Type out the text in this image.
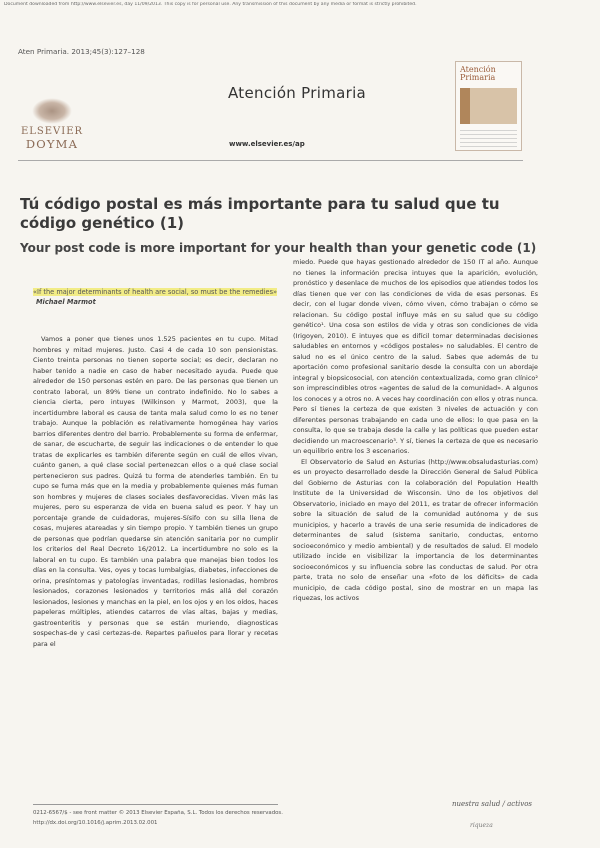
Document downloaded from http://www.elsevier.es, day 11/09/2013. This copy is for personal use. Any transmission of this document by any media or format is strictly prohibited.
Aten Primaria. 2013;45(3):127–128
ELSEVIER
DOYMA
Atención Primaria
www.elsevier.es/ap
Atención Primaria
Tú código postal es más importante para tu salud que tu código genético (1)
Your post code is more important for your health than your genetic code (1)
«If the major determinants of health are social, so must be the remedies»
Michael Marmot

Vamos a poner que tienes unos 1.525 pacientes en tu cupo. Mitad hombres y mitad mujeres. Justo. Casi 4 de cada 10 son pensionistas. Ciento treinta personas no tienen soporte social; es decir, declaran no haber tenido a nadie en caso de haber necesitado ayuda. Puede que alrededor de 150 personas estén en paro. De las personas que tienen un contrato laboral, un 89% tiene un contrato indefinido. No lo sabes a ciencia cierta, pero intuyes (Wilkinson y Marmot, 2003), que la incertidumbre laboral es causa de tanta mala salud como lo es no tener trabajo. Aunque la población es relativamente homogénea hay varios barrios diferentes dentro del barrio. Probablemente su forma de enfermar, de sanar, de escucharte, de seguir las indicaciones o de entender lo que tratas de explicarles es también diferente según en cuál de ellos vivan, cuánto ganen, a qué clase social pertenezcan ellos o a qué clase social pertenecieron sus padres. Quizá tu forma de atenderles también. En tu cupo se fuma más que en la media y probablemente quienes más fuman son hombres y mujeres de clases sociales desfavorecidas. Viven más las mujeres, pero su esperanza de vida en buena salud es peor. Y hay un porcentaje grande de cuidadoras, mujeres-Sísifo con su silla llena de cosas, mujeres atareadas y sin tiempo propio. Y también tienes un grupo de personas que podrían quedarse sin atención sanitaria por no cumplir los criterios del Real Decreto 16/2012. La incertidumbre no solo es la laboral en tu cupo. Es también una palabra que manejas bien todos los días en la consulta. Ves, oyes y tocas lumbalgias, diabetes, infecciones de orina, presíntomas y patologías inventadas, rodillas lesionadas, hombros lesionados, corazones lesionados y territorios más allá del corazón lesionados, lesiones y manchas en la piel, en los ojos y en los oídos, haces papeleras múltiples, atiendes catarros de vías altas, bajas y medias, gastroenteritis y personas que se están muriendo, diagnosticas sospechas-de y casi certezas-de. Repartes pañuelos para llorar y recetas para el

miedo. Puede que hayas gestionado alrededor de 150 IT al año. Aunque no tienes la información precisa intuyes que la aparición, evolución, pronóstico y desenlace de muchos de los episodios que atiendes todos los días tienen que ver con las condiciones de vida de esas personas. Es decir, con el lugar donde viven, cómo viven, cómo trabajan o cómo se relacionan. Su código postal influye más en su salud que su código genético¹. Una cosa son estilos de vida y otras son condiciones de vida (Irigoyen, 2010). E intuyes que es difícil tomar determinadas decisiones saludables en entornos y «códigos postales» no saludables. El centro de salud no es el único centro de la salud. Sabes que además de tu aportación como profesional sanitario desde la consulta con un abordaje integral y biopsicosocial, con atención contextualizada, como gran clínico² son imprescindibles otros «agentes de salud de la comunidad». A algunos los conoces y a otros no. A veces hay coordinación con ellos y otras nunca. Pero sí tienes la certeza de que existen 3 niveles de actuación y con diferentes personas trabajando en cada uno de ellos: lo que pasa en la consulta, lo que se trabaja desde la calle y las políticas que pueden estar decidiendo un macroescenario³. Y sí, tienes la certeza de que es necesario un equilibrio entre los 3 escenarios.

El Observatorio de Salud en Asturias (http://www.obsaludasturias.com) es un proyecto desarrollado desde la Dirección General de Salud Pública del Gobierno de Asturias con la colaboración del Population Health Institute de la Universidad de Wisconsin. Uno de los objetivos del Observatorio, iniciado en mayo del 2011, es tratar de ofrecer información sobre la situación de salud de la comunidad autónoma y de sus municipios, y hacerlo a través de una serie resumida de indicadores de determinantes de salud (sistema sanitario, conductas, entorno socioeconómico y medio ambiental) y de resultados de salud. El modelo utilizado incide en visibilizar la importancia de los determinantes socioeconómicos y su influencia sobre las conductas de salud. Por otra parte, trata no solo de enseñar una «foto de los déficits» de cada municipio, de cada código postal, sino de mostrar en un mapa las riquezas, los activos

0212-6567/$ - see front matter © 2013 Elsevier España, S.L. Todos los derechos reservados.
http://dx.doi.org/10.1016/j.aprim.2013.02.001
nuestra salud / activos
riqueza
